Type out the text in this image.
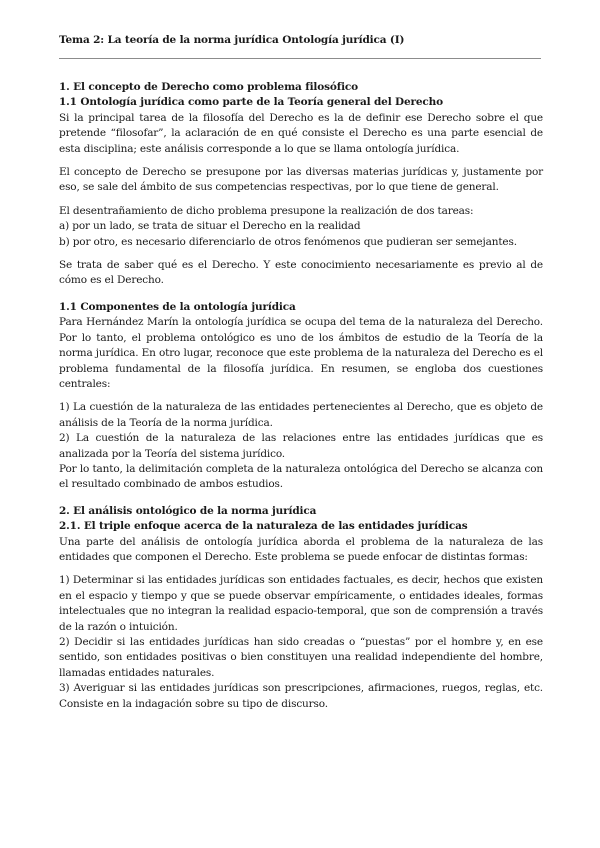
Tema 2: La teoría de la norma jurídica Ontología jurídica (I)

1. El concepto de Derecho como problema filosófico

1.1 Ontología jurídica como parte de la Teoría general del Derecho

Si la principal tarea de la filosofía del Derecho es la de definir ese Derecho sobre el que pretende “filosofar”, la aclaración de en qué consiste el Derecho es una parte esencial de esta disciplina; este análisis corresponde a lo que se llama ontología jurídica.

El concepto de Derecho se presupone por las diversas materias jurídicas y, justamente por eso, se sale del ámbito de sus competencias respectivas, por lo que tiene de general.

El desentrañamiento de dicho problema presupone la realización de dos tareas:

a) por un lado, se trata de situar el Derecho en la realidad

b) por otro, es necesario diferenciarlo de otros fenómenos que pudieran ser semejantes.

Se trata de saber qué es el Derecho. Y este conocimiento necesariamente es previo al de cómo es el Derecho.

1.1 Componentes de la ontología jurídica

Para Hernández Marín la ontología jurídica se ocupa del tema de la naturaleza del Derecho. Por lo tanto, el problema ontológico es uno de los ámbitos de estudio de la Teoría de la norma jurídica. En otro lugar, reconoce que este problema de la naturaleza del Derecho es el problema fundamental de la filosofía jurídica. En resumen, se engloba dos cuestiones centrales:

1) La cuestión de la naturaleza de las entidades pertenecientes al Derecho, que es objeto de análisis de la Teoría de la norma jurídica.

2) La cuestión de la naturaleza de las relaciones entre las entidades jurídicas que es analizada por la Teoría del sistema jurídico.

Por lo tanto, la delimitación completa de la naturaleza ontológica del Derecho se alcanza con el resultado combinado de ambos estudios.

2. El análisis ontológico de la norma jurídica

2.1. El triple enfoque acerca de la naturaleza de las entidades jurídicas

Una parte del análisis de ontología jurídica aborda el problema de la naturaleza de las entidades que componen el Derecho. Este problema se puede enfocar de distintas formas:

1) Determinar si las entidades jurídicas son entidades factuales, es decir, hechos que existen en el espacio y tiempo y que se puede observar empíricamente, o entidades ideales, formas intelectuales que no integran la realidad espacio-temporal, que son de comprensión a través de la razón o intuición.

2) Decidir si las entidades jurídicas han sido creadas o “puestas” por el hombre y, en ese sentido, son entidades positivas o bien constituyen una realidad independiente del hombre, llamadas entidades naturales.

3) Averiguar si las entidades jurídicas son prescripciones, afirmaciones, ruegos, reglas, etc. Consiste en la indagación sobre su tipo de discurso.
